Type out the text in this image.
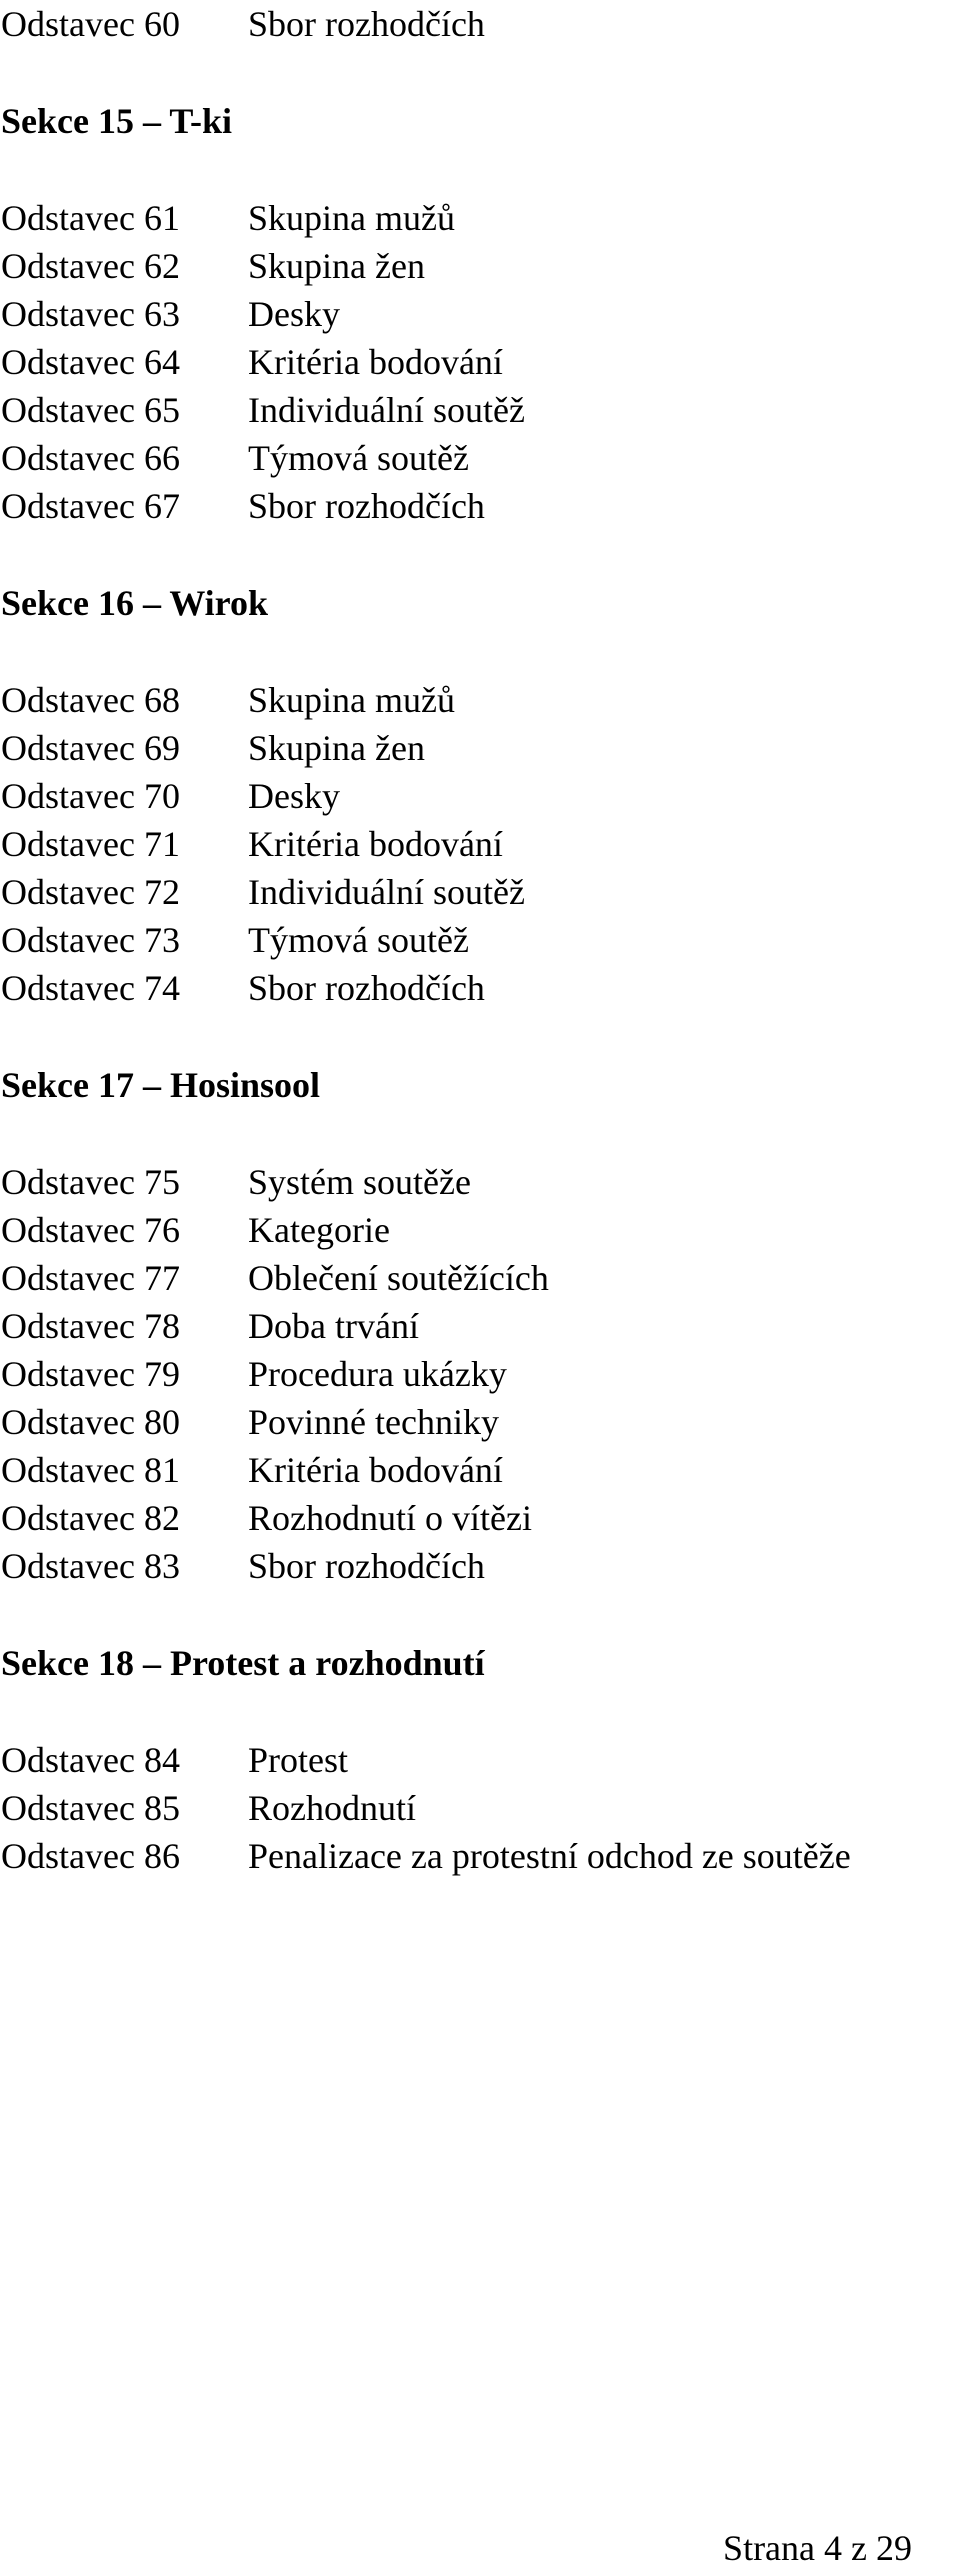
Odstavec 60 Sbor rozhodčích
Sekce 15 – T-ki
Odstavec 61 Skupina mužů
Odstavec 62 Skupina žen
Odstavec 63 Desky
Odstavec 64 Kritéria bodování
Odstavec 65 Individuální soutěž
Odstavec 66 Týmová soutěž
Odstavec 67 Sbor rozhodčích
Sekce 16 – Wirok
Odstavec 68 Skupina mužů
Odstavec 69 Skupina žen
Odstavec 70 Desky
Odstavec 71 Kritéria bodování
Odstavec 72 Individuální soutěž
Odstavec 73 Týmová soutěž
Odstavec 74 Sbor rozhodčích
Sekce 17 – Hosinsool
Odstavec 75 Systém soutěže
Odstavec 76 Kategorie
Odstavec 77 Oblečení soutěžících
Odstavec 78 Doba trvání
Odstavec 79 Procedura ukázky
Odstavec 80 Povinné techniky
Odstavec 81 Kritéria bodování
Odstavec 82 Rozhodnutí o vítězi
Odstavec 83 Sbor rozhodčích
Sekce 18 – Protest a rozhodnutí
Odstavec 84 Protest
Odstavec 85 Rozhodnutí
Odstavec 86 Penalizace za protestní odchod ze soutěže
Strana 4 z 29
